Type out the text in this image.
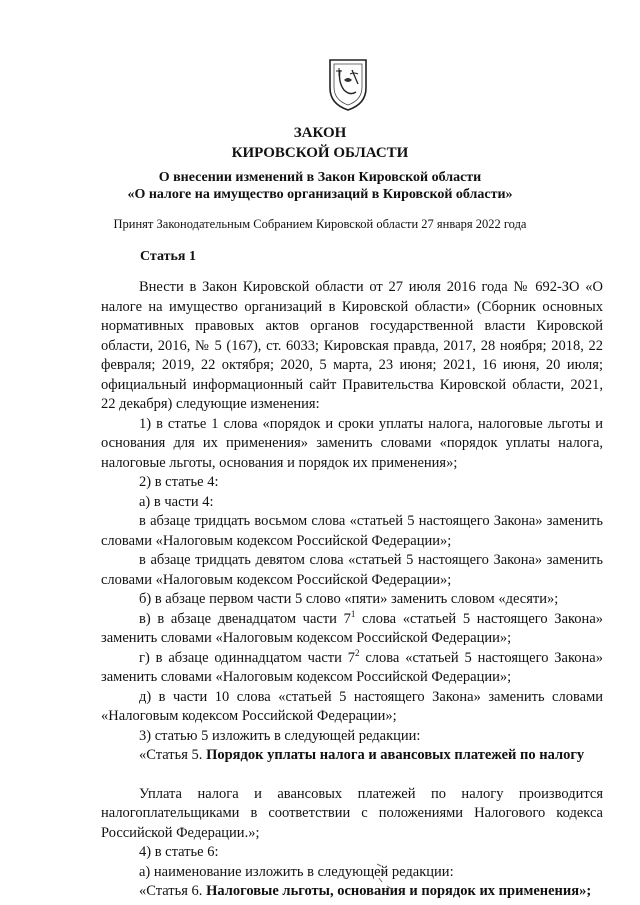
ЗАКОН
КИРОВСКОЙ ОБЛАСТИ
О внесении изменений в Закон Кировской области
«О налоге на имущество организаций в Кировской области»
Принят Законодательным Собранием Кировской области 27 января 2022 года
Статья 1

Внести в Закон Кировской области от 27 июля 2016 года № 692-ЗО «О налоге на имущество организаций в Кировской области» (Сборник основных нормативных правовых актов органов государственной власти Кировской области, 2016, № 5 (167), ст. 6033; Кировская правда, 2017, 28 ноября; 2018, 22 февраля; 2019, 22 октября; 2020, 5 марта, 23 июня; 2021, 16 июня, 20 июля; официальный информационный сайт Правительства Кировской области, 2021, 22 декабря) следующие изменения:

1) в статье 1 слова «порядок и сроки уплаты налога, налоговые льготы и основания для их применения» заменить словами «порядок уплаты налога, налоговые льготы, основания и порядок их применения»;

2) в статье 4:

а) в части 4:

в абзаце тридцать восьмом слова «статьей 5 настоящего Закона» заменить словами «Налоговым кодексом Российской Федерации»;

в абзаце тридцать девятом слова «статьей 5 настоящего Закона» заменить словами «Налоговым кодексом Российской Федерации»;

б) в абзаце первом части 5 слово «пяти» заменить словом «десяти»;

в) в абзаце двенадцатом части $7^1$ слова «статьей 5 настоящего Закона» заменить словами «Налоговым кодексом Российской Федерации»;

г) в абзаце одиннадцатом части $7^2$ слова «статьей 5 настоящего Закона» заменить словами «Налоговым кодексом Российской Федерации»;

д) в части 10 слова «статьей 5 настоящего Закона» заменить словами «Налоговым кодексом Российской Федерации»;

3) статью 5 изложить в следующей редакции:

«Статья 5. Порядок уплаты налога и авансовых платежей по налогу

Уплата налога и авансовых платежей по налогу производится налогоплательщиками в соответствии с положениями Налогового кодекса Российской Федерации.»;

4) в статье 6:

а) наименование изложить в следующей редакции:

«Статья 6. Налоговые льготы, основания и порядок их применения»;
